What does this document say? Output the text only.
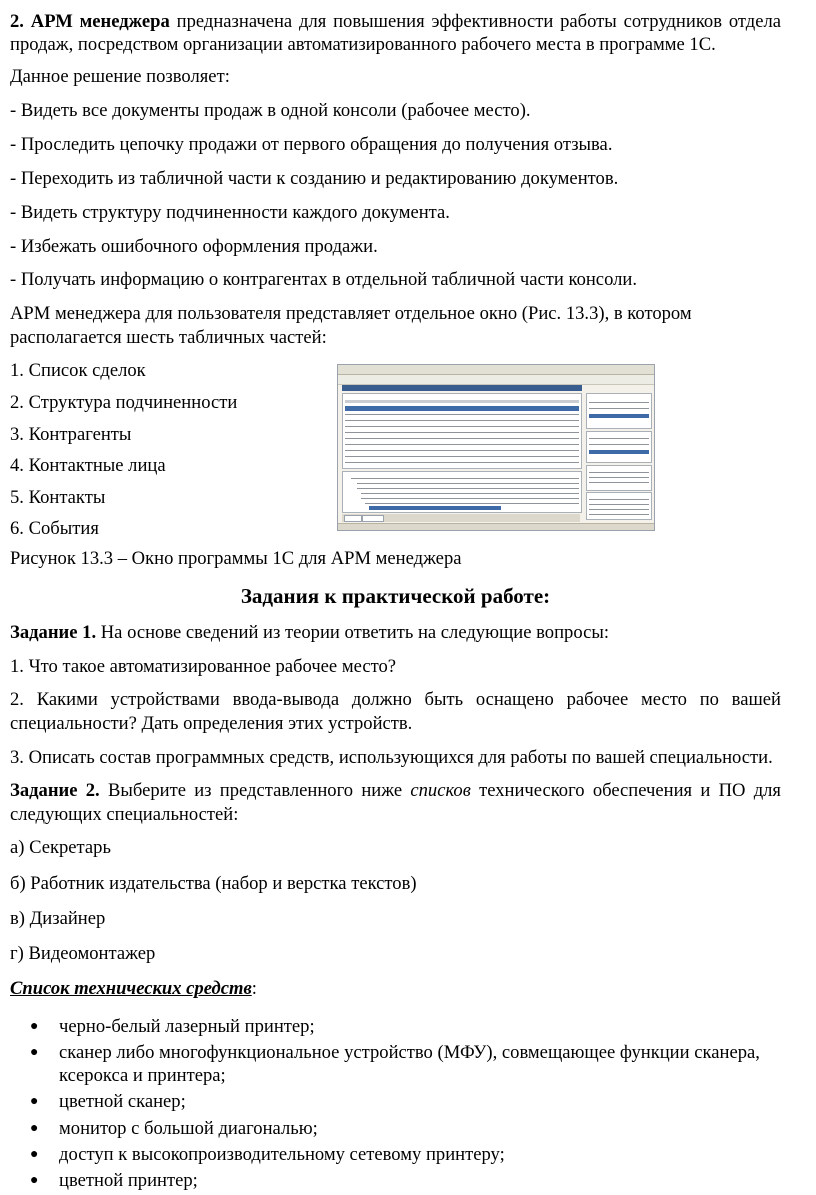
2. АРМ менеджера предназначена для повышения эффективности работы сотрудников отдела продаж, посредством организации автоматизированного рабочего места в программе 1С.

Данное решение позволяет:

- Видеть все документы продаж в одной консоли (рабочее место).

- Проследить цепочку продажи от первого обращения до получения отзыва.

- Переходить из табличной части к созданию и редактированию документов.

- Видеть структуру подчиненности каждого документа.

- Избежать ошибочного оформления продажи.

- Получать информацию о контрагентах в отдельной табличной части консоли.

АРМ менеджера для пользователя представляет отдельное окно (Рис. 13.3), в котором располагается шесть табличных частей:

1. Список сделок
2. Структура подчиненности
3. Контрагенты
4. Контактные лица
5. Контакты
6. События

Рисунок 13.3 – Окно программы 1С для АРМ менеджера

Задания к практической работе:

Задание 1. На основе сведений из теории ответить на следующие вопросы:

1. Что такое автоматизированное рабочее место?

2. Какими устройствами ввода-вывода должно быть оснащено рабочее место по вашей специальности? Дать определения этих устройств.

3. Описать состав программных средств, использующихся для работы по вашей специальности.

Задание 2. Выберите из представленного ниже списков технического обеспечения и ПО для следующих специальностей:

а) Секретарь

б) Работник издательства (набор и верстка текстов)

в) Дизайнер

г) Видеомонтажер

Список технических средств:

● черно-белый лазерный принтер;
● сканер либо многофункциональное устройство (МФУ), совмещающее функции сканера, ксерокса и принтера;
● цветной сканер;
● монитор с большой диагональю;
● доступ к высокопроизводительному сетевому принтеру;
● цветной принтер;
